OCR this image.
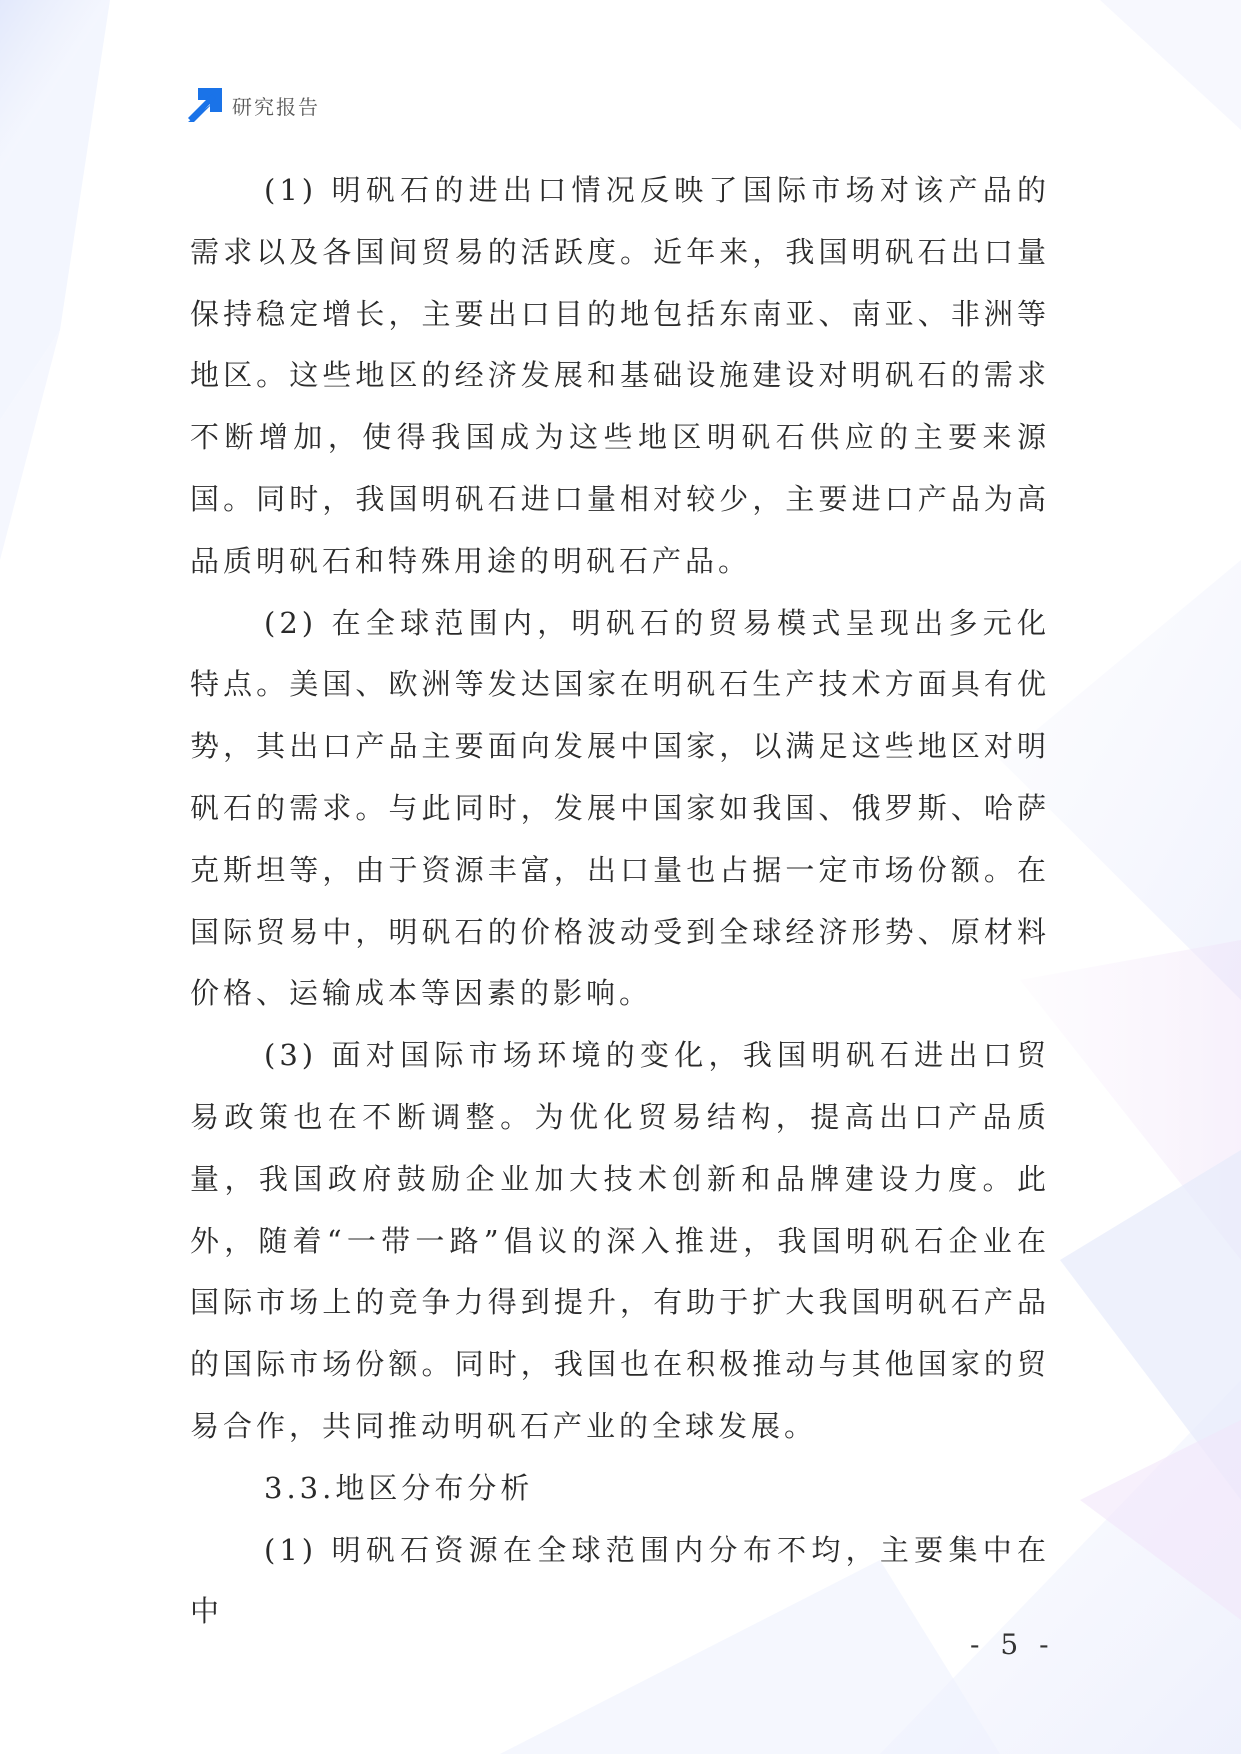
研究报告

(1) 明矾石的进出口情况反映了国际市场对该产品的需求以及各国间贸易的活跃度。近年来，我国明矾石出口量保持稳定增长，主要出口目的地包括东南亚、南亚、非洲等地区。这些地区的经济发展和基础设施建设对明矾石的需求不断增加，使得我国成为这些地区明矾石供应的主要来源国。同时，我国明矾石进口量相对较少，主要进口产品为高品质明矾石和特殊用途的明矾石产品。

(2) 在全球范围内，明矾石的贸易模式呈现出多元化特点。美国、欧洲等发达国家在明矾石生产技术方面具有优势，其出口产品主要面向发展中国家，以满足这些地区对明矾石的需求。与此同时，发展中国家如我国、俄罗斯、哈萨克斯坦等，由于资源丰富，出口量也占据一定市场份额。在国际贸易中，明矾石的价格波动受到全球经济形势、原材料价格、运输成本等因素的影响。

(3) 面对国际市场环境的变化，我国明矾石进出口贸易政策也在不断调整。为优化贸易结构，提高出口产品质量，我国政府鼓励企业加大技术创新和品牌建设力度。此外，随着“一带一路”倡议的深入推进，我国明矾石企业在国际市场上的竞争力得到提升，有助于扩大我国明矾石产品的国际市场份额。同时，我国也在积极推动与其他国家的贸易合作，共同推动明矾石产业的全球发展。

3.3.地区分布分析

(1) 明矾石资源在全球范围内分布不均，主要集中在中

- 5 -
